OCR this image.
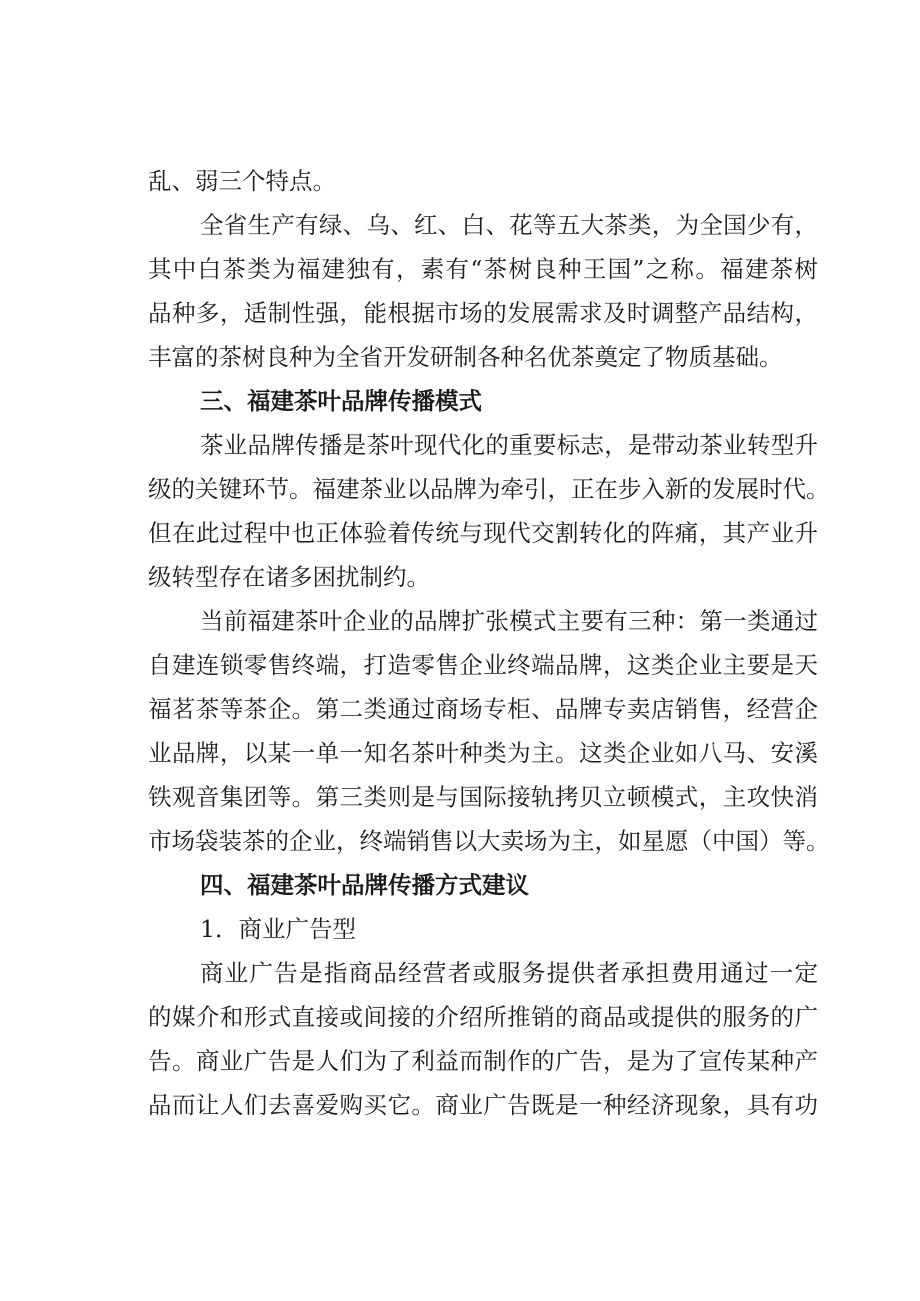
乱、弱三个特点。

全省生产有绿、乌、红、白、花等五大茶类，为全国少有，

其中白茶类为福建独有，素有“茶树良种王国”之称。福建茶树

品种多，适制性强，能根据市场的发展需求及时调整产品结构，

丰富的茶树良种为全省开发研制各种名优茶奠定了物质基础。

三、福建茶叶品牌传播模式

茶业品牌传播是茶叶现代化的重要标志，是带动茶业转型升

级的关键环节。福建茶业以品牌为牵引，正在步入新的发展时代。

但在此过程中也正体验着传统与现代交割转化的阵痛，其产业升

级转型存在诸多困扰制约。

当前福建茶叶企业的品牌扩张模式主要有三种：第一类通过

自建连锁零售终端，打造零售企业终端品牌，这类企业主要是天

福茗茶等茶企。第二类通过商场专柜、品牌专卖店销售，经营企

业品牌，以某一单一知名茶叶种类为主。这类企业如八马、安溪

铁观音集团等。第三类则是与国际接轨拷贝立顿模式，主攻快消

市场袋装茶的企业，终端销售以大卖场为主，如星愿（中国）等。

四、福建茶叶品牌传播方式建议

1．商业广告型

商业广告是指商品经营者或服务提供者承担费用通过一定

的媒介和形式直接或间接的介绍所推销的商品或提供的服务的广

告。商业广告是人们为了利益而制作的广告，是为了宣传某种产

品而让人们去喜爱购买它。商业广告既是一种经济现象，具有功
